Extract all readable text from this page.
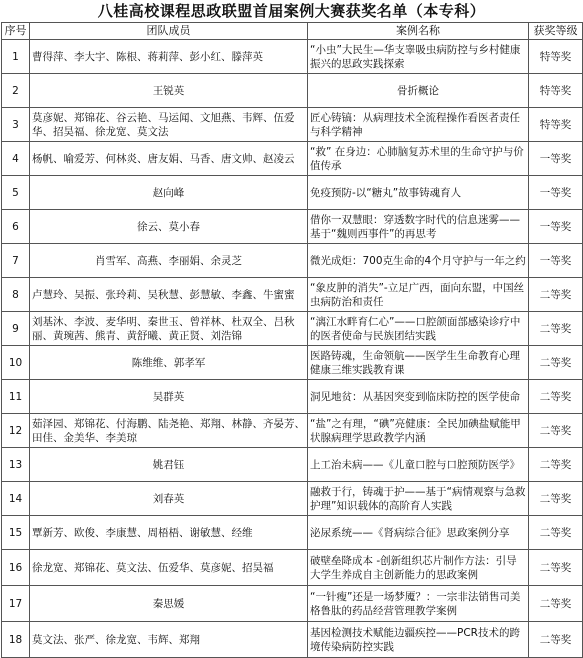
八桂高校课程思政联盟首届案例大赛获奖名单（本专科）
序号	团队成员	案例名称	获奖等级
1	曹得萍、李大宇、陈根、蒋莉萍、彭小红、滕萍英	“小虫”大民生—华支睾吸虫病防控与乡村健康振兴的思政实践探索	特等奖
2	王锐英	骨折概论	特等奖
3	莫彦妮、郑锦花、谷云艳、马运闻、文旭燕、韦辉、伍爱华、招昊福、徐龙宽、莫文法	匠心铸镐：从病理技术全流程操作看医者责任与科学精神	特等奖
4	杨帆、喻爱芳、何林炎、唐友娟、马香、唐文帅、赵凌云	“救” 在身边：心肺脑复苏术里的生命守护与价值传承	一等奖
5	赵向峰	免疫预防-以“糖丸”故事铸魂育人	一等奖
6	徐云、莫小春	借你一双慧眼：穿透数字时代的信息迷雾——基于“魏则西事件”的再思考	一等奖
7	肖雪军、高燕、李丽娟、余灵芝	微光成炬：700克生命的4个月守护与一年之约	一等奖
8	卢慧玲、吴振、张玲莉、吴秋慧、彭慧敏、李鑫、牛蜜蜜	“象皮肿的消失”-立足广西，面向东盟，中国丝虫病防治和责任	二等奖
9	刘基沐、李波、麦华明、秦世玉、曾祥林、杜双全、吕秋丽、黄琬茜、熊青、黄舒曦、黄正贤、刘浩锦	“漓江水畔育仁心”——口腔颌面部感染诊疗中的医者使命与民族团结实践	二等奖
10	陈维维、郭孝军	医路铸魂，生命领航——医学生生命教育心理健康三维实践教育课	二等奖
11	吴群英	洞见地贫：从基因突变到临床防控的医学使命	二等奖
12	茹泽园、郑锦花、付海鹏、陆尧艳、郑翔、林静、齐晏芳、田佳、金美华、李美琼	“盐”之有理，“碘”亮健康：全民加碘盐赋能甲状腺病理学思政教学内涵	二等奖
13	姚君钰	上工治未病——《儿童口腔与口腔预防医学》	二等奖
14	刘春英	融救于行，铸魂于护——基于“病情观察与急救护理”知识载体的高阶育人实践	二等奖
15	覃新芳、欧俊、李康慧、周梧梧、谢敏慧、经维	泌尿系统——《肾病综合征》思政案例分享	二等奖
16	徐龙宽、郑锦花、莫文法、伍爱华、莫彦妮、招昊福	破壁垒降成本 -创新组织芯片制作方法：引导大学生养成自主创新能力的思政案例	二等奖
17	秦思媛	“一针瘦”还是一场梦魇？：一宗非法销售司美格鲁肽的药品经营管理教学案例	二等奖
18	莫文法、张严、徐龙宽、韦辉、郑翔	基因检测技术赋能边疆疾控——PCR技术的跨境传染病防控实践	二等奖
